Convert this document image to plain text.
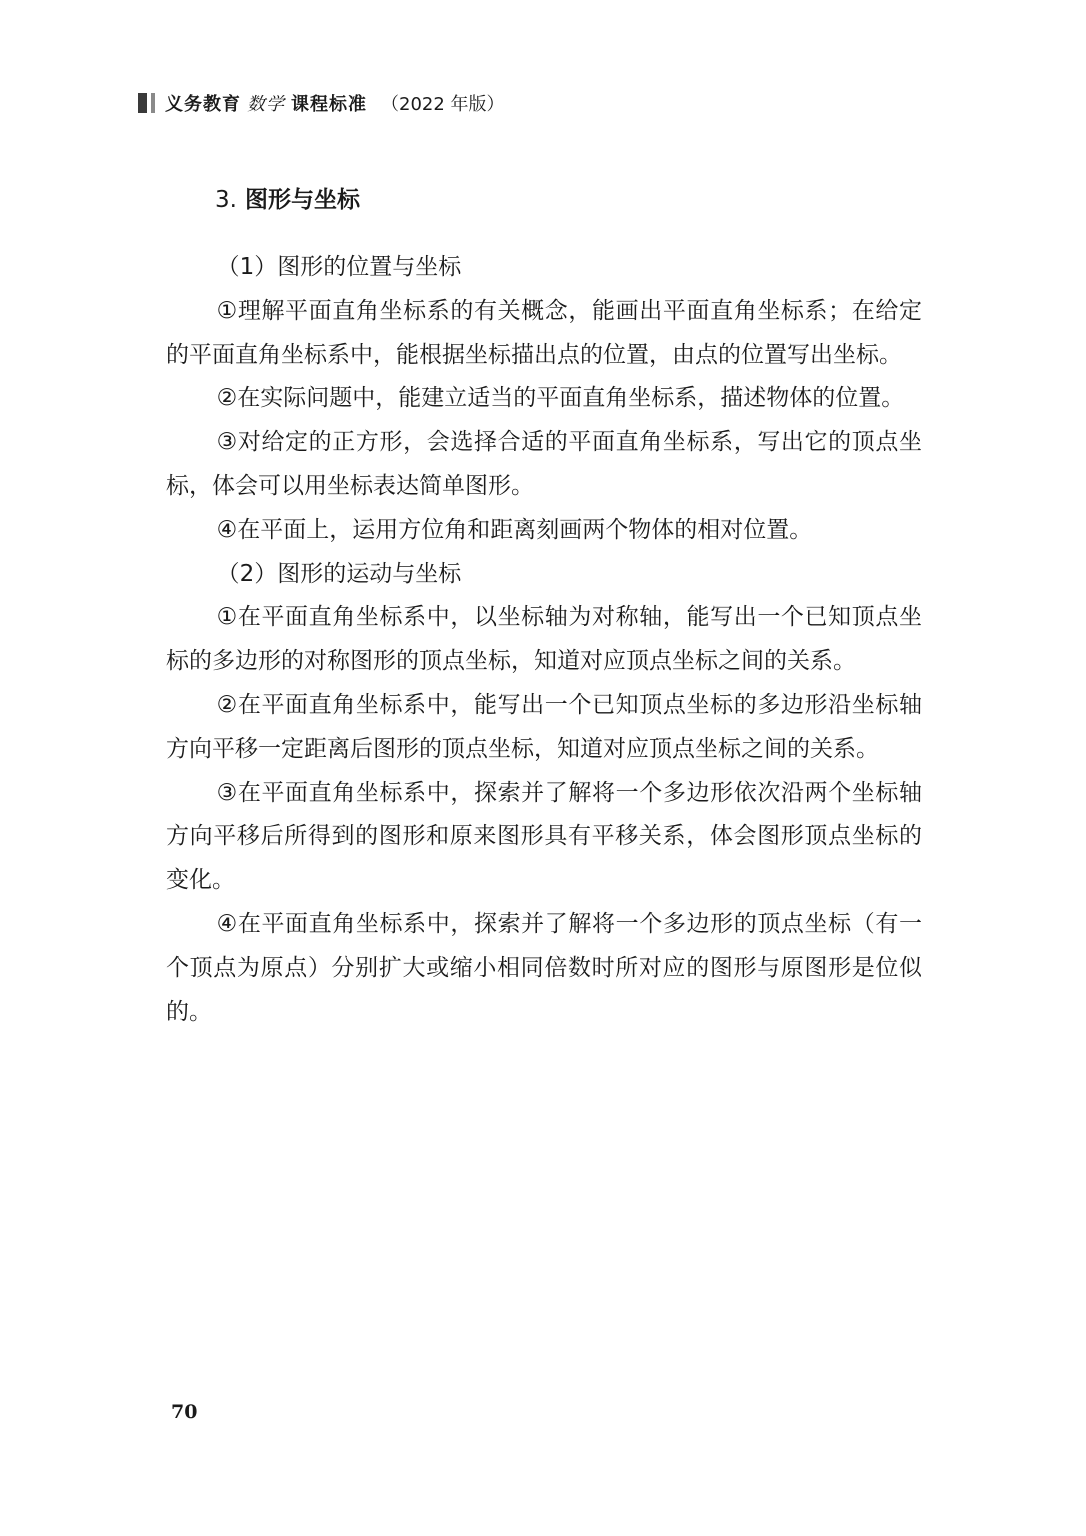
义务教育 数学 课程标准 （2022 年版）
3. 图形与坐标

（1）图形的位置与坐标

①理解平面直角坐标系的有关概念，能画出平面直角坐标系；在给定的平面直角坐标系中，能根据坐标描出点的位置，由点的位置写出坐标。

②在实际问题中，能建立适当的平面直角坐标系，描述物体的位置。

③对给定的正方形，会选择合适的平面直角坐标系，写出它的顶点坐标，体会可以用坐标表达简单图形。

④在平面上，运用方位角和距离刻画两个物体的相对位置。

（2）图形的运动与坐标

①在平面直角坐标系中，以坐标轴为对称轴，能写出一个已知顶点坐标的多边形的对称图形的顶点坐标，知道对应顶点坐标之间的关系。

②在平面直角坐标系中，能写出一个已知顶点坐标的多边形沿坐标轴方向平移一定距离后图形的顶点坐标，知道对应顶点坐标之间的关系。

③在平面直角坐标系中，探索并了解将一个多边形依次沿两个坐标轴方向平移后所得到的图形和原来图形具有平移关系，体会图形顶点坐标的变化。

④在平面直角坐标系中，探索并了解将一个多边形的顶点坐标（有一个顶点为原点）分别扩大或缩小相同倍数时所对应的图形与原图形是位似的。

70
